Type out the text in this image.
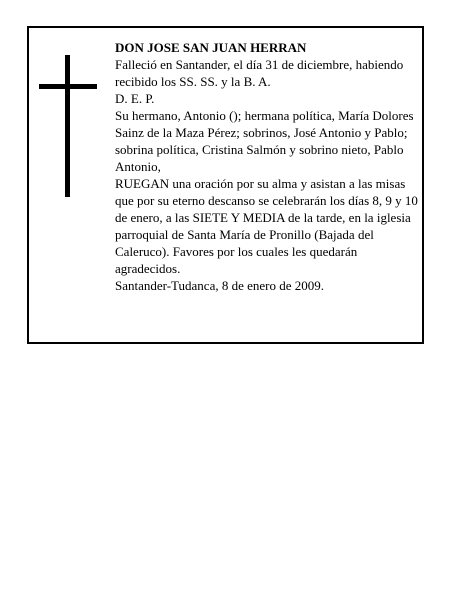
DON JOSE SAN JUAN HERRAN

Falleció en Santander, el día 31 de diciembre, habiendo recibido los SS. SS. y la B. A.

D. E. P.

Su hermano, Antonio (); hermana política, María Dolores Sainz de la Maza Pérez; sobrinos, José Antonio y Pablo; sobrina política, Cristina Salmón y sobrino nieto, Pablo Antonio,

RUEGAN una oración por su alma y asistan a las misas que por su eterno descanso se celebrarán los días 8, 9 y 10 de enero, a las SIETE Y MEDIA de la tarde, en la iglesia parroquial de Santa María de Pronillo (Bajada del Caleruco). Favores por los cuales les quedarán agradecidos.

Santander-Tudanca, 8 de enero de 2009.
